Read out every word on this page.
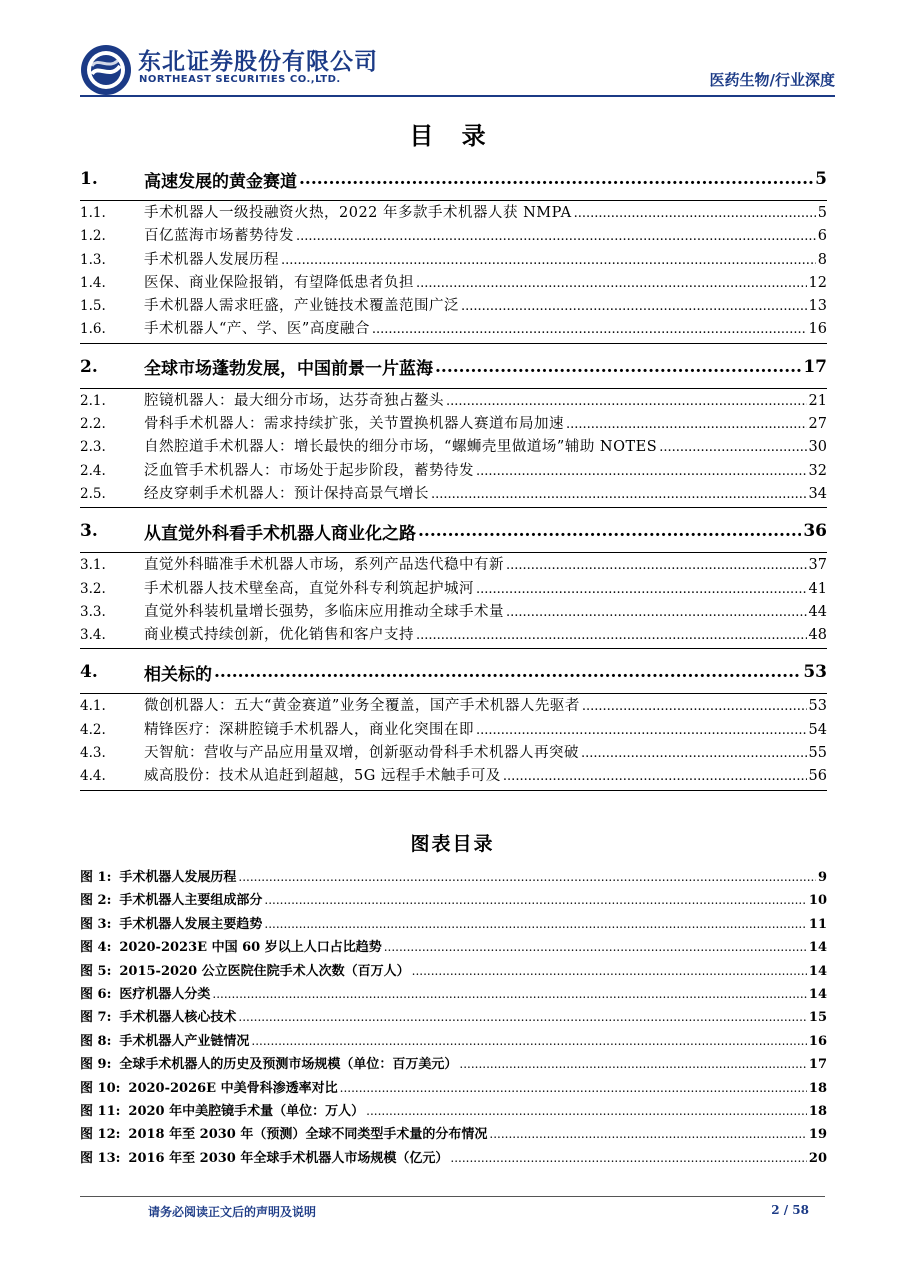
东北证券股份有限公司
NORTHEAST SECURITIES CO.,LTD.	医药生物/行业深度
目 录
1.	高速发展的黄金赛道 .....	5
1.1.	手术机器人一级投融资火热，2022 年多款手术机器人获 NMPA .....	5
1.2.	百亿蓝海市场蓄势待发 .....	6
1.3.	手术机器人发展历程 .....	8
1.4.	医保、商业保险报销，有望降低患者负担 .....	12
1.5.	手术机器人需求旺盛，产业链技术覆盖范围广泛 .....	13
1.6.	手术机器人“产、学、医”高度融合 .....	16
2.	全球市场蓬勃发展，中国前景一片蓝海 .....	17
2.1.	腔镜机器人：最大细分市场，达芬奇独占鳌头 .....	21
2.2.	骨科手术机器人：需求持续扩张，关节置换机器人赛道布局加速 .....	27
2.3.	自然腔道手术机器人：增长最快的细分市场，“螺蛳壳里做道场”辅助 NOTES .....	30
2.4.	泛血管手术机器人：市场处于起步阶段，蓄势待发 .....	32
2.5.	经皮穿刺手术机器人：预计保持高景气增长 .....	34
3.	从直觉外科看手术机器人商业化之路 .....	36
3.1.	直觉外科瞄准手术机器人市场，系列产品迭代稳中有新 .....	37
3.2.	手术机器人技术壁垒高，直觉外科专利筑起护城河 .....	41
3.3.	直觉外科装机量增长强势，多临床应用推动全球手术量 .....	44
3.4.	商业模式持续创新，优化销售和客户支持 .....	48
4.	相关标的 .....	53
4.1.	微创机器人：五大“黄金赛道”业务全覆盖，国产手术机器人先驱者 .....	53
4.2.	精锋医疗：深耕腔镜手术机器人，商业化突围在即 .....	54
4.3.	天智航：营收与产品应用量双增，创新驱动骨科手术机器人再突破 .....	55
4.4.	威高股份：技术从追赶到超越，5G 远程手术触手可及 .....	56
图表目录
图 1: 手术机器人发展历程 .....	9
图 2: 手术机器人主要组成部分 .....	10
图 3: 手术机器人发展主要趋势 .....	11
图 4: 2020-2023E 中国 60 岁以上人口占比趋势 .....	14
图 5: 2015-2020 公立医院住院手术人次数（百万人） .....	14
图 6: 医疗机器人分类 .....	14
图 7: 手术机器人核心技术 .....	15
图 8: 手术机器人产业链情况 .....	16
图 9: 全球手术机器人的历史及预测市场规模（单位：百万美元） .....	17
图 10: 2020-2026E 中美骨科渗透率对比 .....	18
图 11: 2020 年中美腔镜手术量（单位：万人） .....	18
图 12: 2018 年至 2030 年（预测）全球不同类型手术量的分布情况 .....	19
图 13: 2016 年至 2030 年全球手术机器人市场规模（亿元） .....	20
请务必阅读正文后的声明及说明	2 / 58
